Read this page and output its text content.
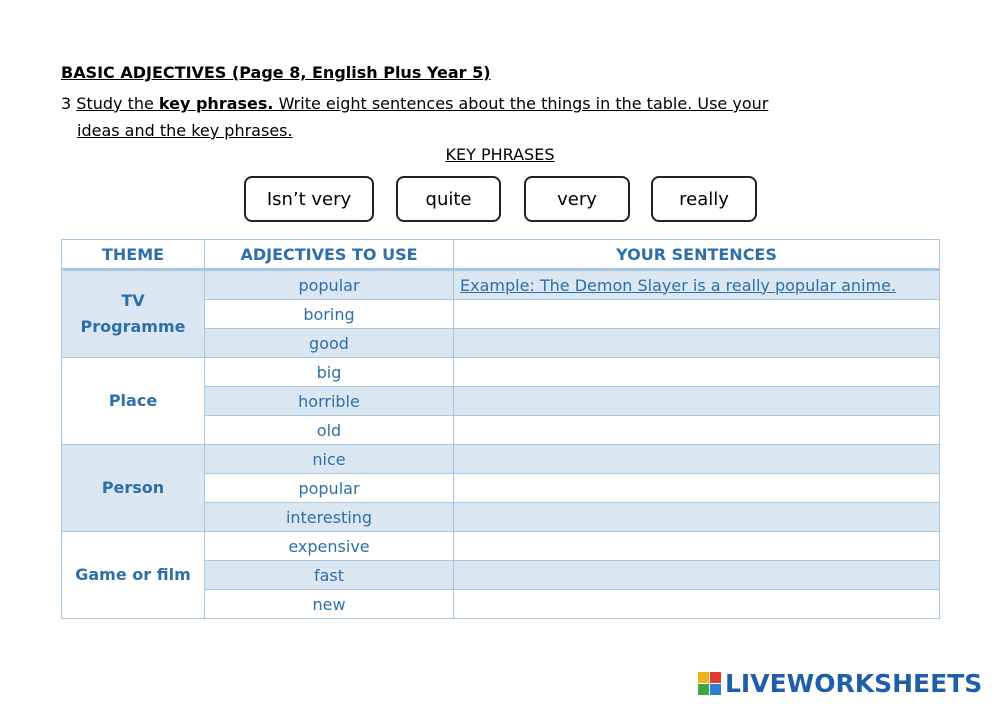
BASIC ADJECTIVES (Page 8, English Plus Year 5)
3 Study the key phrases. Write eight sentences about the things in the table. Use your
ideas and the key phrases.
KEY PHRASES
Isn’t very	quite	very	really
THEME	ADJECTIVES TO USE	YOUR SENTENCES

TV
Programme	popular	Example: The Demon Slayer is a really popular anime.
	boring	
	good	

Place	big	
	horrible	
	old	

Person	nice	
	popular	
	interesting	

Game or film	expensive	
	fast	
	new	
LIVEWORKSHEETS
